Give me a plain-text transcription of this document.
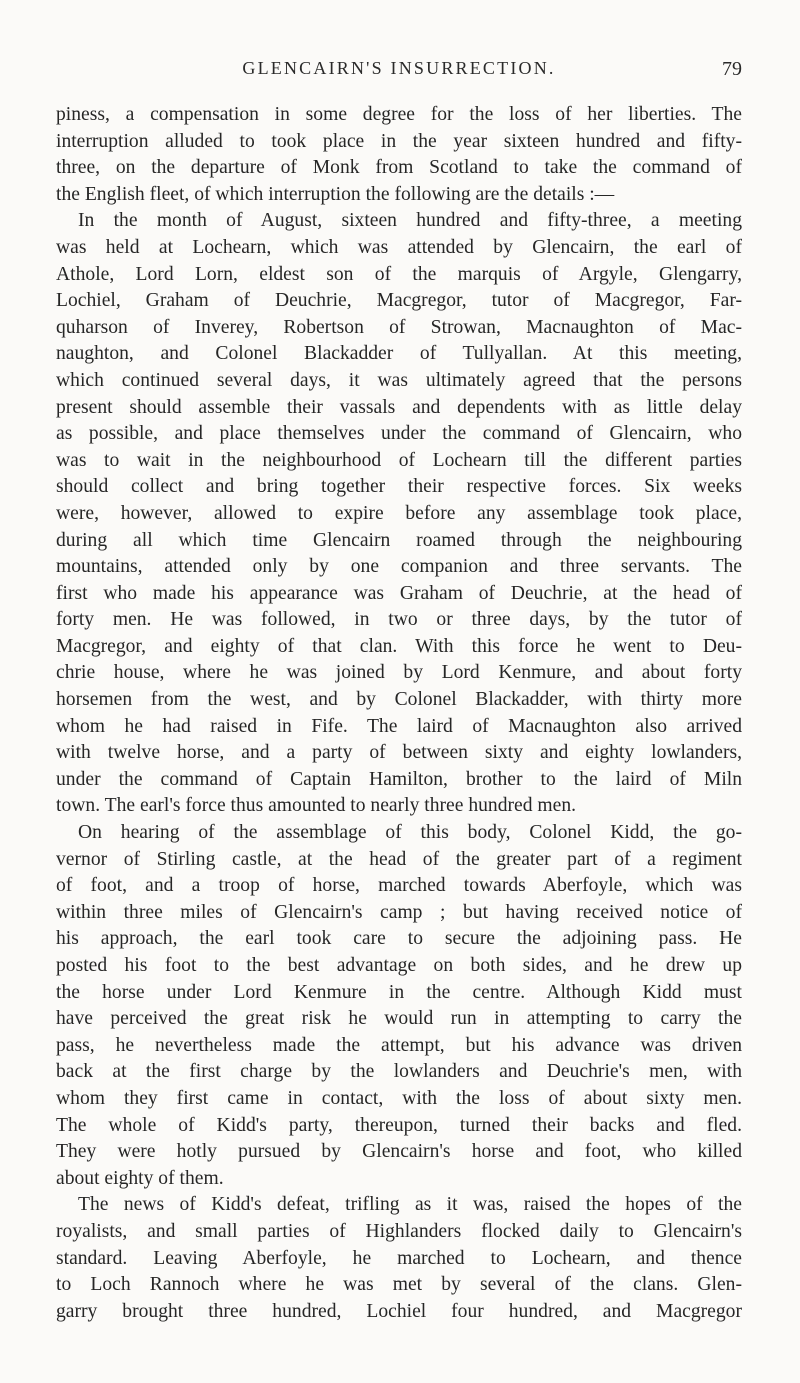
GLENCAIRN'S INSURRECTION.	79
piness, a compensation in some degree for the loss of her liberties. The
interruption alluded to took place in the year sixteen hundred and fifty-
three, on the departure of Monk from Scotland to take the command of
the English fleet, of which interruption the following are the details :—
In the month of August, sixteen hundred and fifty-three, a meeting
was held at Lochearn, which was attended by Glencairn, the earl of
Athole, Lord Lorn, eldest son of the marquis of Argyle, Glengarry,
Lochiel, Graham of Deuchrie, Macgregor, tutor of Macgregor, Far-
quharson of Inverey, Robertson of Strowan, Macnaughton of Mac-
naughton, and Colonel Blackadder of Tullyallan. At this meeting,
which continued several days, it was ultimately agreed that the persons
present should assemble their vassals and dependents with as little delay
as possible, and place themselves under the command of Glencairn, who
was to wait in the neighbourhood of Lochearn till the different parties
should collect and bring together their respective forces. Six weeks
were, however, allowed to expire before any assemblage took place,
during all which time Glencairn roamed through the neighbouring
mountains, attended only by one companion and three servants. The
first who made his appearance was Graham of Deuchrie, at the head of
forty men. He was followed, in two or three days, by the tutor of
Macgregor, and eighty of that clan. With this force he went to Deu-
chrie house, where he was joined by Lord Kenmure, and about forty
horsemen from the west, and by Colonel Blackadder, with thirty more
whom he had raised in Fife. The laird of Macnaughton also arrived
with twelve horse, and a party of between sixty and eighty lowlanders,
under the command of Captain Hamilton, brother to the laird of Miln
town. The earl's force thus amounted to nearly three hundred men.
On hearing of the assemblage of this body, Colonel Kidd, the go-
vernor of Stirling castle, at the head of the greater part of a regiment
of foot, and a troop of horse, marched towards Aberfoyle, which was
within three miles of Glencairn's camp ; but having received notice of
his approach, the earl took care to secure the adjoining pass. He
posted his foot to the best advantage on both sides, and he drew up
the horse under Lord Kenmure in the centre. Although Kidd must
have perceived the great risk he would run in attempting to carry the
pass, he nevertheless made the attempt, but his advance was driven
back at the first charge by the lowlanders and Deuchrie's men, with
whom they first came in contact, with the loss of about sixty men.
The whole of Kidd's party, thereupon, turned their backs and fled.
They were hotly pursued by Glencairn's horse and foot, who killed
about eighty of them.
The news of Kidd's defeat, trifling as it was, raised the hopes of the
royalists, and small parties of Highlanders flocked daily to Glencairn's
standard. Leaving Aberfoyle, he marched to Lochearn, and thence
to Loch Rannoch where he was met by several of the clans. Glen-
garry brought three hundred, Lochiel four hundred, and Macgregor
